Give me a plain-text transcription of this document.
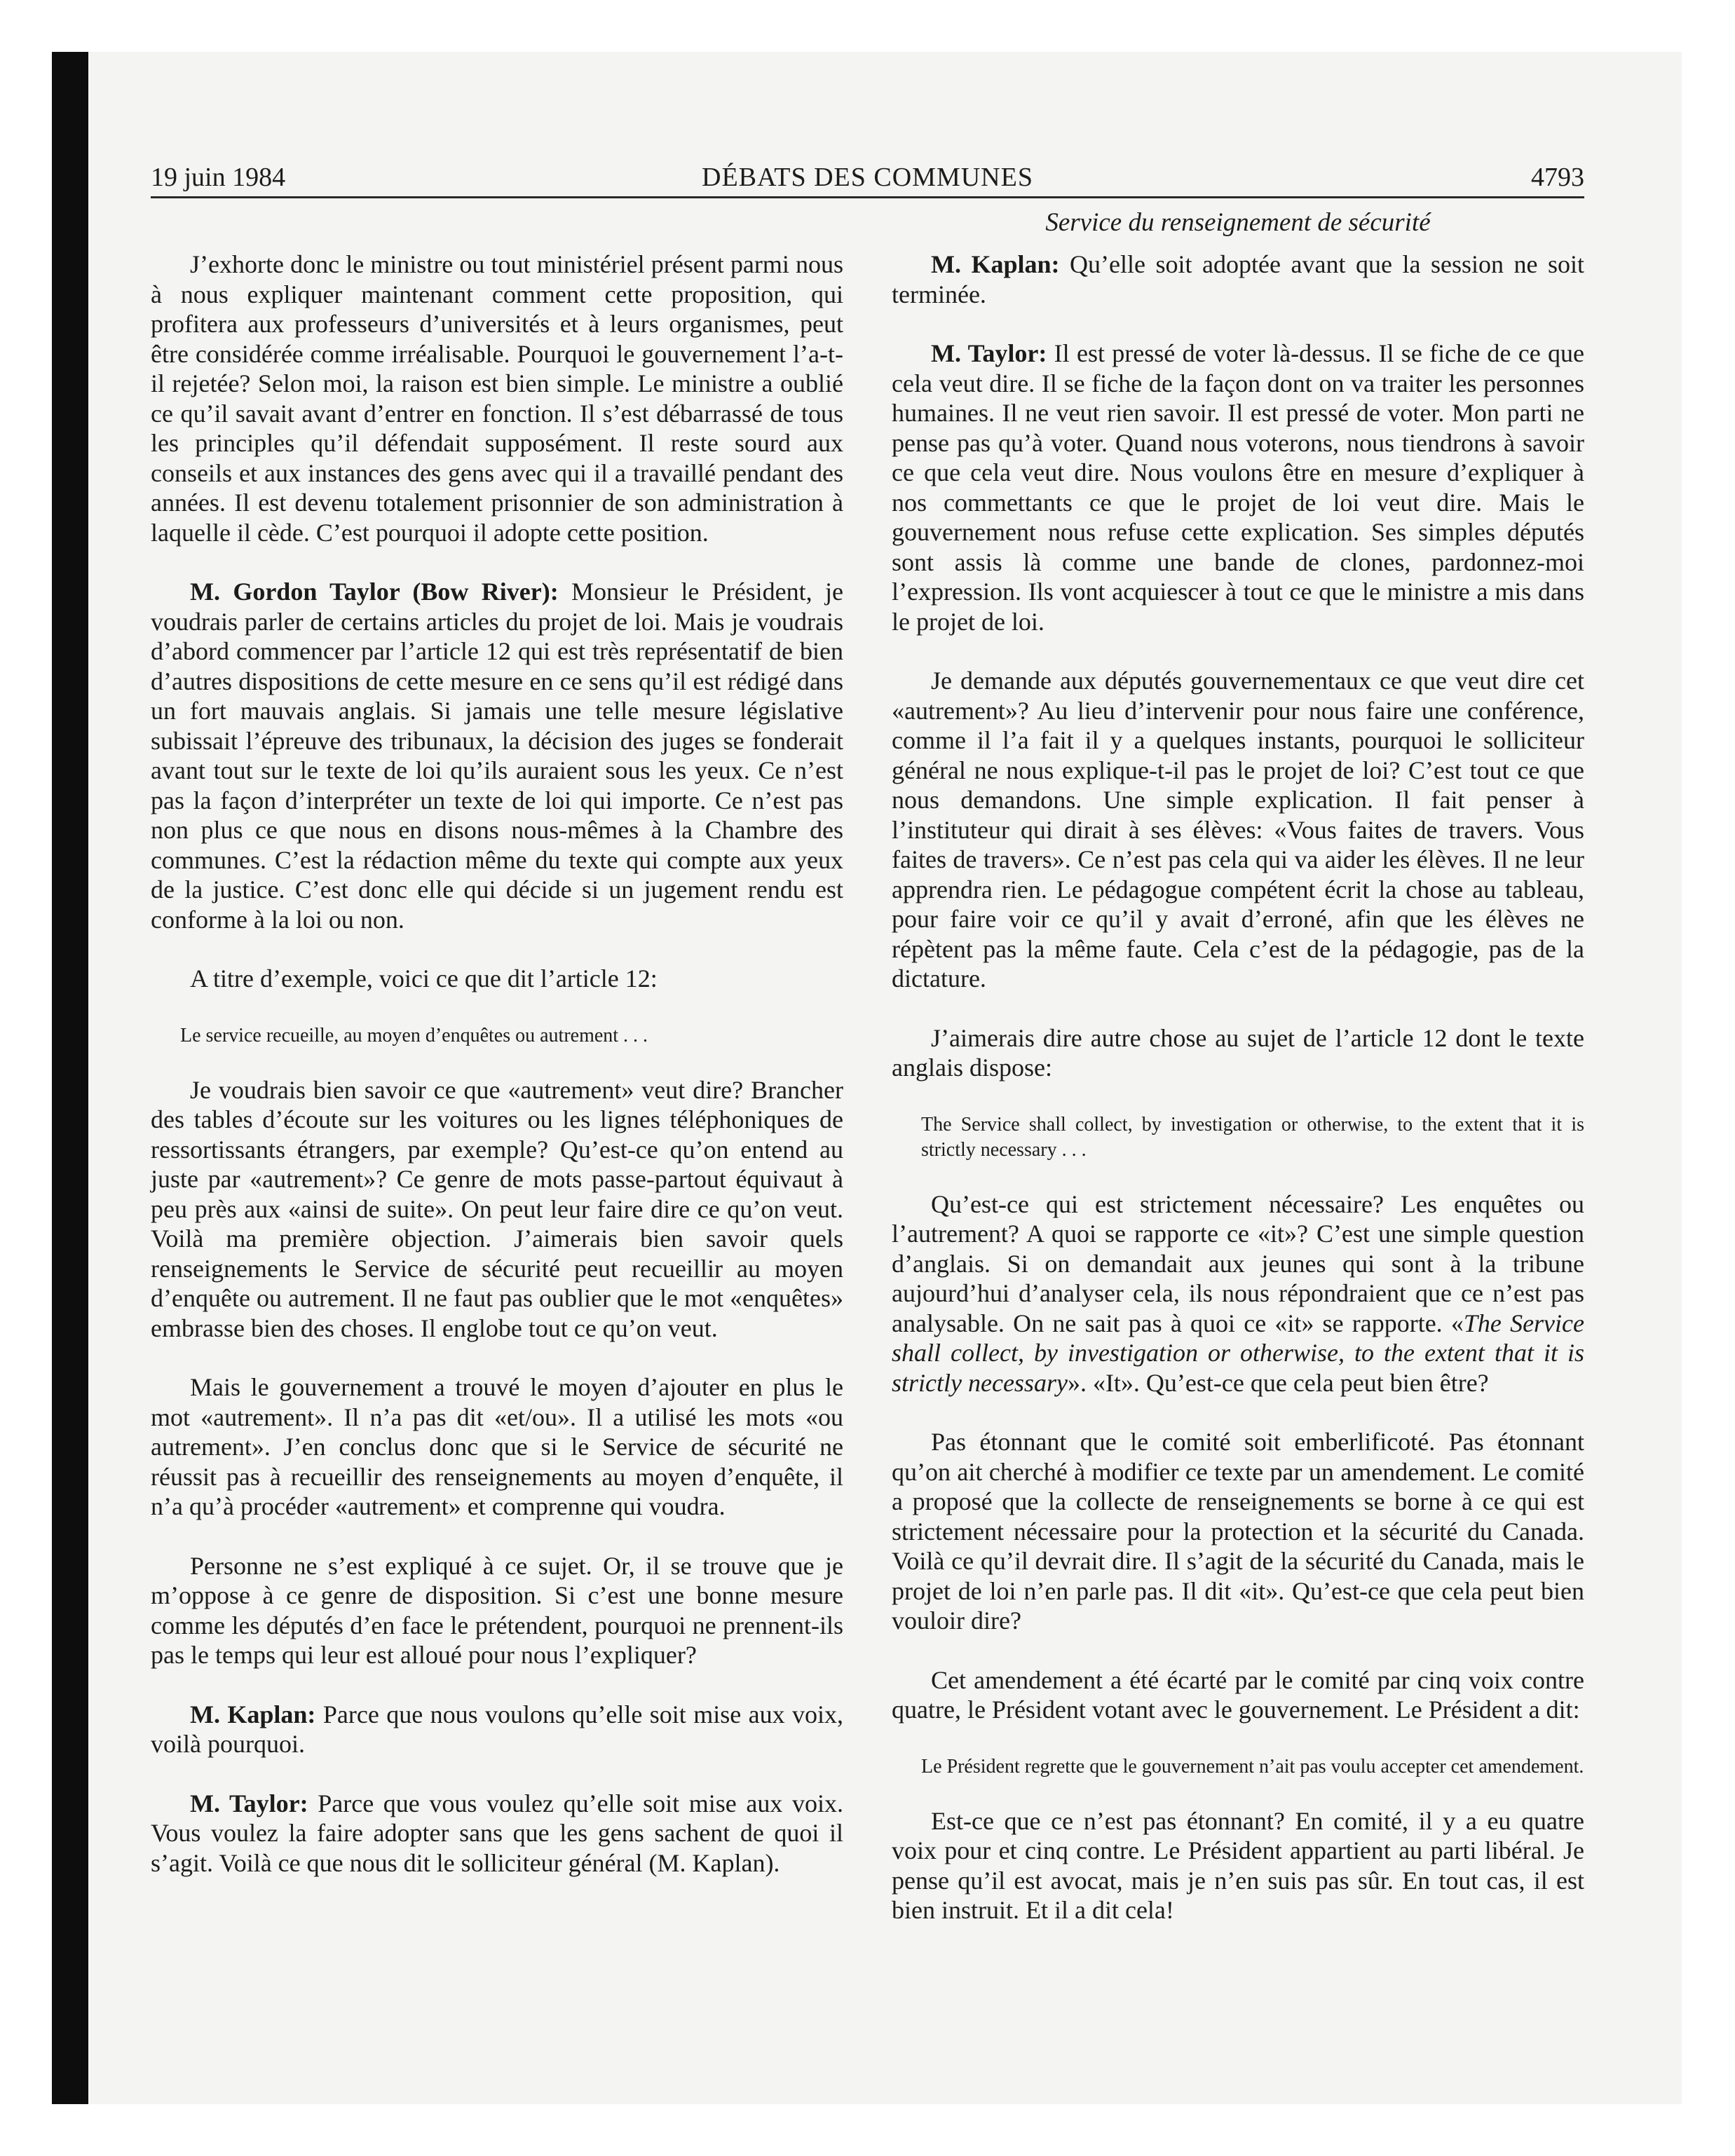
19 juin 1984	DÉBATS DES COMMUNES	4793
Service du renseignement de sécurité

J’exhorte donc le ministre ou tout ministériel présent parmi nous à nous expliquer maintenant comment cette proposition, qui profitera aux professeurs d’universités et à leurs organismes, peut être considérée comme irréalisable. Pourquoi le gouvernement l’a-t-il rejetée? Selon moi, la raison est bien simple. Le ministre a oublié ce qu’il savait avant d’entrer en fonction. Il s’est débarrassé de tous les principles qu’il défendait supposément. Il reste sourd aux conseils et aux instances des gens avec qui il a travaillé pendant des années. Il est devenu totalement prisonnier de son administration à laquelle il cède. C’est pourquoi il adopte cette position.

M. Gordon Taylor (Bow River): Monsieur le Président, je voudrais parler de certains articles du projet de loi. Mais je voudrais d’abord commencer par l’article 12 qui est très représentatif de bien d’autres dispositions de cette mesure en ce sens qu’il est rédigé dans un fort mauvais anglais. Si jamais une telle mesure législative subissait l’épreuve des tribunaux, la décision des juges se fonderait avant tout sur le texte de loi qu’ils auraient sous les yeux. Ce n’est pas la façon d’interpréter un texte de loi qui importe. Ce n’est pas non plus ce que nous en disons nous-mêmes à la Chambre des communes. C’est la rédaction même du texte qui compte aux yeux de la justice. C’est donc elle qui décide si un jugement rendu est conforme à la loi ou non.

A titre d’exemple, voici ce que dit l’article 12:

Le service recueille, au moyen d’enquêtes ou autrement . . .

Je voudrais bien savoir ce que «autrement» veut dire? Brancher des tables d’écoute sur les voitures ou les lignes téléphoniques de ressortissants étrangers, par exemple? Qu’est-ce qu’on entend au juste par «autrement»? Ce genre de mots passe-partout équivaut à peu près aux «ainsi de suite». On peut leur faire dire ce qu’on veut. Voilà ma première objection. J’aimerais bien savoir quels renseignements le Service de sécurité peut recueillir au moyen d’enquête ou autrement. Il ne faut pas oublier que le mot «enquêtes» embrasse bien des choses. Il englobe tout ce qu’on veut.

Mais le gouvernement a trouvé le moyen d’ajouter en plus le mot «autrement». Il n’a pas dit «et/ou». Il a utilisé les mots «ou autrement». J’en conclus donc que si le Service de sécurité ne réussit pas à recueillir des renseignements au moyen d’enquête, il n’a qu’à procéder «autrement» et comprenne qui voudra.

Personne ne s’est expliqué à ce sujet. Or, il se trouve que je m’oppose à ce genre de disposition. Si c’est une bonne mesure comme les députés d’en face le prétendent, pourquoi ne prennent-ils pas le temps qui leur est alloué pour nous l’expliquer?

M. Kaplan: Parce que nous voulons qu’elle soit mise aux voix, voilà pourquoi.

M. Taylor: Parce que vous voulez qu’elle soit mise aux voix. Vous voulez la faire adopter sans que les gens sachent de quoi il s’agit. Voilà ce que nous dit le solliciteur général (M. Kaplan).

M. Kaplan: Qu’elle soit adoptée avant que la session ne soit terminée.

M. Taylor: Il est pressé de voter là-dessus. Il se fiche de ce que cela veut dire. Il se fiche de la façon dont on va traiter les personnes humaines. Il ne veut rien savoir. Il est pressé de voter. Mon parti ne pense pas qu’à voter. Quand nous voterons, nous tiendrons à savoir ce que cela veut dire. Nous voulons être en mesure d’expliquer à nos commettants ce que le projet de loi veut dire. Mais le gouvernement nous refuse cette explication. Ses simples députés sont assis là comme une bande de clones, pardonnez-moi l’expression. Ils vont acquiescer à tout ce que le ministre a mis dans le projet de loi.

Je demande aux députés gouvernementaux ce que veut dire cet «autrement»? Au lieu d’intervenir pour nous faire une conférence, comme il l’a fait il y a quelques instants, pourquoi le solliciteur général ne nous explique-t-il pas le projet de loi? C’est tout ce que nous demandons. Une simple explication. Il fait penser à l’instituteur qui dirait à ses élèves: «Vous faites de travers. Vous faites de travers». Ce n’est pas cela qui va aider les élèves. Il ne leur apprendra rien. Le pédagogue compétent écrit la chose au tableau, pour faire voir ce qu’il y avait d’erroné, afin que les élèves ne répètent pas la même faute. Cela c’est de la pédagogie, pas de la dictature.

J’aimerais dire autre chose au sujet de l’article 12 dont le texte anglais dispose:

The Service shall collect, by investigation or otherwise, to the extent that it is strictly necessary . . .

Qu’est-ce qui est strictement nécessaire? Les enquêtes ou l’autrement? A quoi se rapporte ce «it»? C’est une simple question d’anglais. Si on demandait aux jeunes qui sont à la tribune aujourd’hui d’analyser cela, ils nous répondraient que ce n’est pas analysable. On ne sait pas à quoi ce «it» se rapporte. «The Service shall collect, by investigation or otherwise, to the extent that it is strictly necessary». «It». Qu’est-ce que cela peut bien être?

Pas étonnant que le comité soit emberlificoté. Pas étonnant qu’on ait cherché à modifier ce texte par un amendement. Le comité a proposé que la collecte de renseignements se borne à ce qui est strictement nécessaire pour la protection et la sécurité du Canada. Voilà ce qu’il devrait dire. Il s’agit de la sécurité du Canada, mais le projet de loi n’en parle pas. Il dit «it». Qu’est-ce que cela peut bien vouloir dire?

Cet amendement a été écarté par le comité par cinq voix contre quatre, le Président votant avec le gouvernement. Le Président a dit:

Le Président regrette que le gouvernement n’ait pas voulu accepter cet amendement.

Est-ce que ce n’est pas étonnant? En comité, il y a eu quatre voix pour et cinq contre. Le Président appartient au parti libéral. Je pense qu’il est avocat, mais je n’en suis pas sûr. En tout cas, il est bien instruit. Et il a dit cela!
